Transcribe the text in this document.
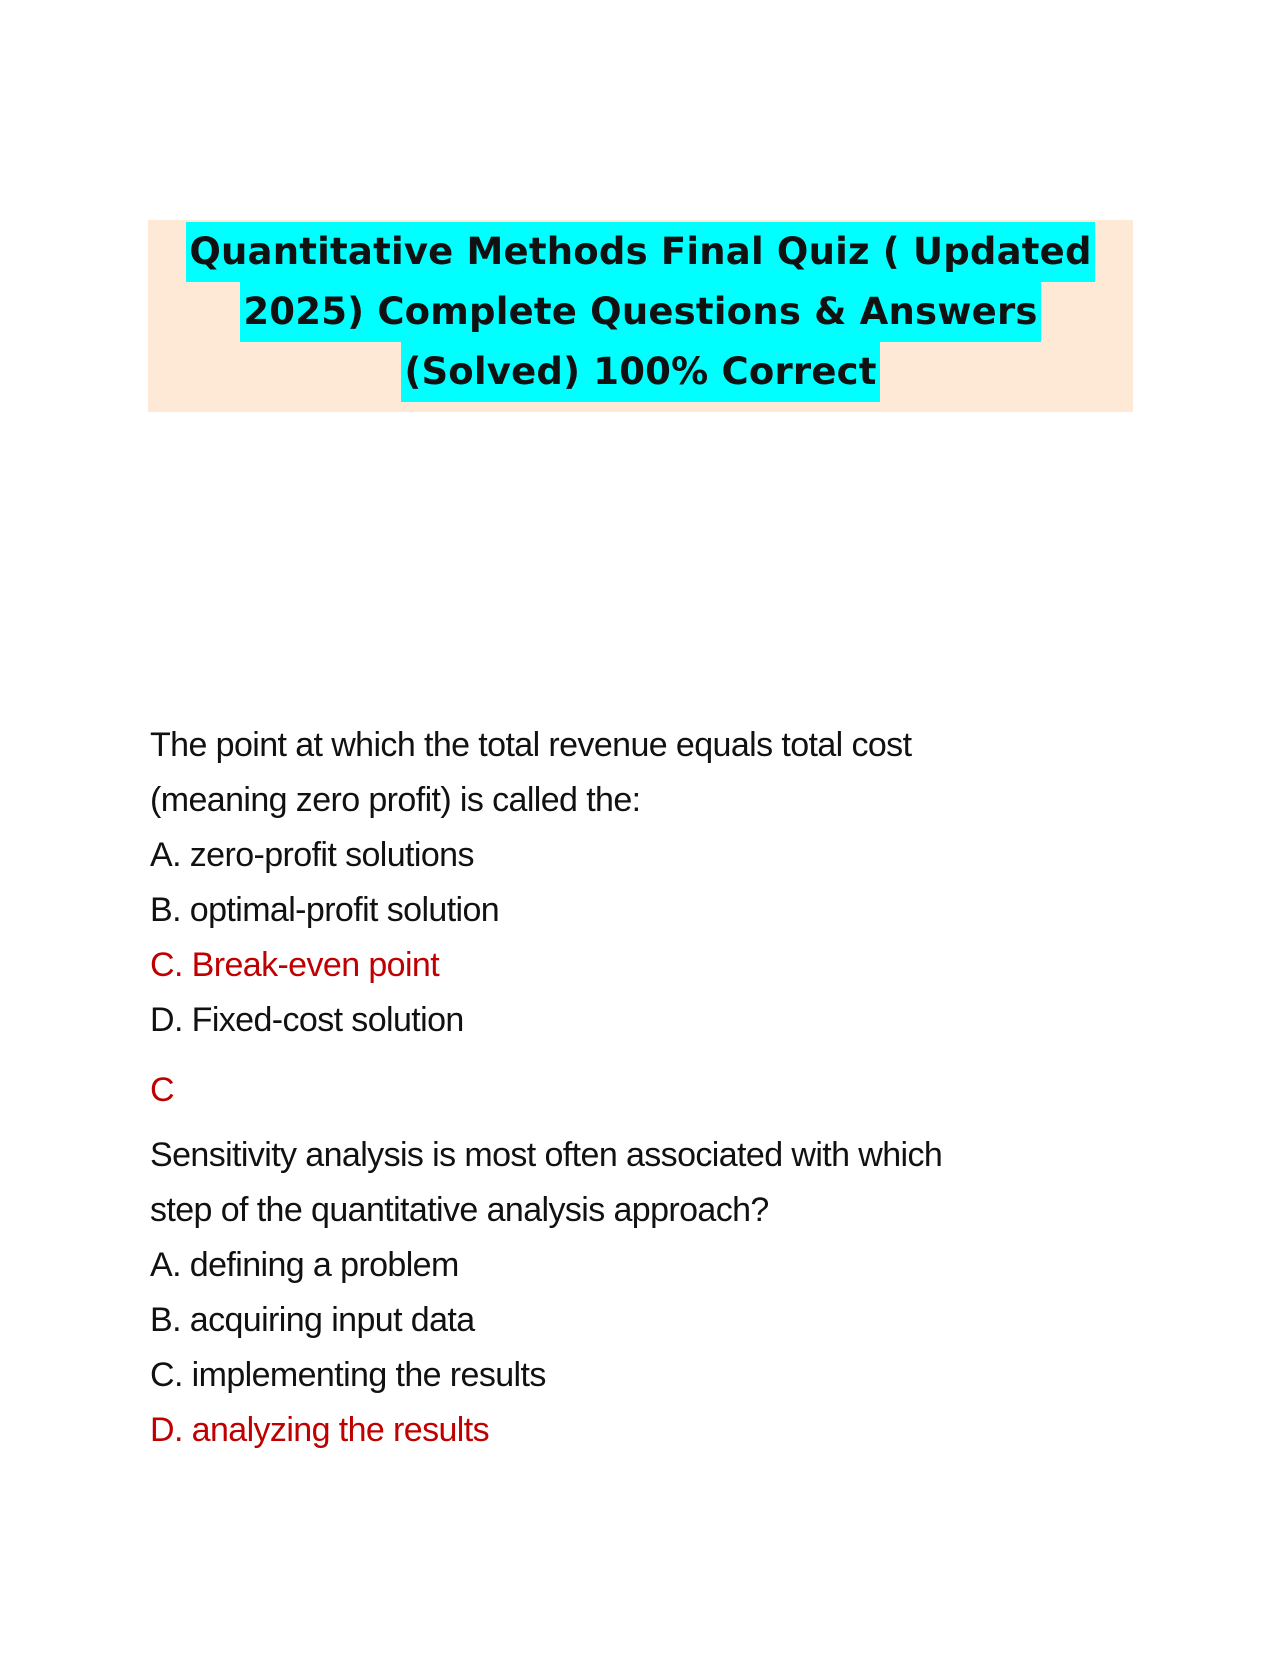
Quantitative Methods Final Quiz ( Updated
2025) Complete Questions & Answers
(Solved) 100% Correct
The point at which the total revenue equals total cost
(meaning zero profit) is called the:
A. zero-profit solutions
B. optimal-profit solution
C. Break-even point
D. Fixed-cost solution
C
Sensitivity analysis is most often associated with which
step of the quantitative analysis approach?
A. defining a problem
B. acquiring input data
C. implementing the results
D. analyzing the results
